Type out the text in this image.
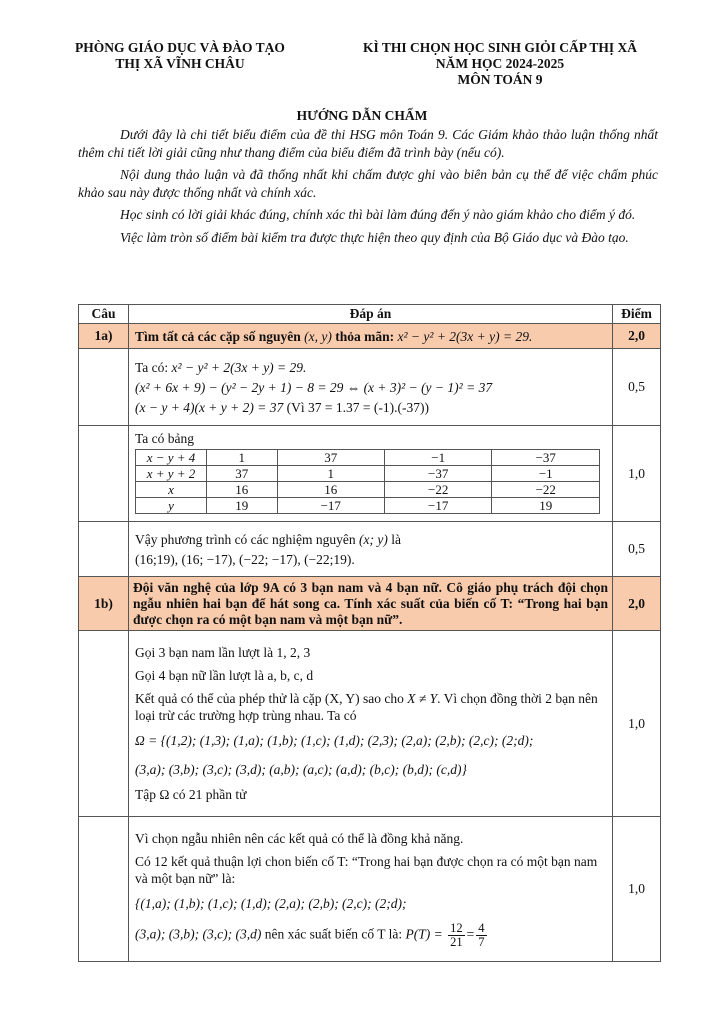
PHÒNG GIÁO DỤC VÀ ĐÀO TẠO
THỊ XÃ VĨNH CHÂU
KÌ THI CHỌN HỌC SINH GIỎI CẤP THỊ XÃ
NĂM HỌC 2024-2025
MÔN TOÁN 9
HƯỚNG DẪN CHẤM

Dưới đây là chi tiết biểu điểm của đề thi HSG môn Toán 9. Các Giám khảo thảo luận thống nhất thêm chi tiết lời giải cũng như thang điểm của biểu điểm đã trình bày (nếu có).

Nội dung thảo luận và đã thống nhất khi chấm được ghi vào biên bản cụ thể để việc chấm phúc khảo sau này được thống nhất và chính xác.

Học sinh có lời giải khác đúng, chính xác thì bài làm đúng đến ý nào giám khảo cho điểm ý đó.

Việc làm tròn số điểm bài kiểm tra được thực hiện theo quy định của Bộ Giáo dục và Đào tạo.

Câu	Đáp án	Điểm
1a)	Tìm tất cả các cặp số nguyên (x, y) thỏa mãn: x² − y² + 2(3x + y) = 29.	2,0

Ta có: x² − y² + 2(3x + y) = 29.
(x² + 6x + 9) − (y² − 2y + 1) − 8 = 29 ⇔ (x + 3)² − (y − 1)² = 37
(x − y + 4)(x + y + 2) = 37 (Vì 37 = 1.37 = (-1).(-37))
	0,5

Ta có bảng
x − y + 4	1	37	−1	−37
x + y + 2	37	1	−37	−1
x	16	16	−22	−22
y	19	−17	−17	19
	1,0

Vậy phương trình có các nghiệm nguyên (x; y) là
(16;19), (16; −17), (−22; −17), (−22;19).
	0,5
1b)	Đội văn nghệ của lớp 9A có 3 bạn nam và 4 bạn nữ. Cô giáo phụ trách đội chọn ngẫu nhiên hai bạn để hát song ca. Tính xác suất của biến cố T: “Trong hai bạn được chọn ra có một bạn nam và một bạn nữ”.	2,0

Gọi 3 bạn nam lần lượt là 1, 2, 3
Gọi 4 bạn nữ lần lượt là a, b, c, d
Kết quả có thể của phép thử là cặp (X, Y) sao cho X ≠ Y. Vì chọn đồng thời 2 bạn nên loại trừ các trường hợp trùng nhau. Ta có
Ω = {(1,2); (1,3); (1,a); (1,b); (1,c); (1,d); (2,3); (2,a); (2,b); (2,c); (2;d);
(3,a); (3,b); (3,c); (3,d); (a,b); (a,c); (a,d); (b,c); (b,d); (c,d)}
Tập Ω có 21 phần tử
	1,0

Vì chọn ngẫu nhiên nên các kết quả có thể là đồng khả năng.
Có 12 kết quả thuận lợi chon biến cố T: “Trong hai bạn được chọn ra có một bạn nam và một bạn nữ” là:
{(1,a); (1,b); (1,c); (1,d); (2,a); (2,b); (2,c); (2;d);
(3,a); (3,b); (3,c); (3,d) nên xác suất biến cố T là: $P(T) = \frac{12}{21} = \frac{4}{7}$
	1,0
